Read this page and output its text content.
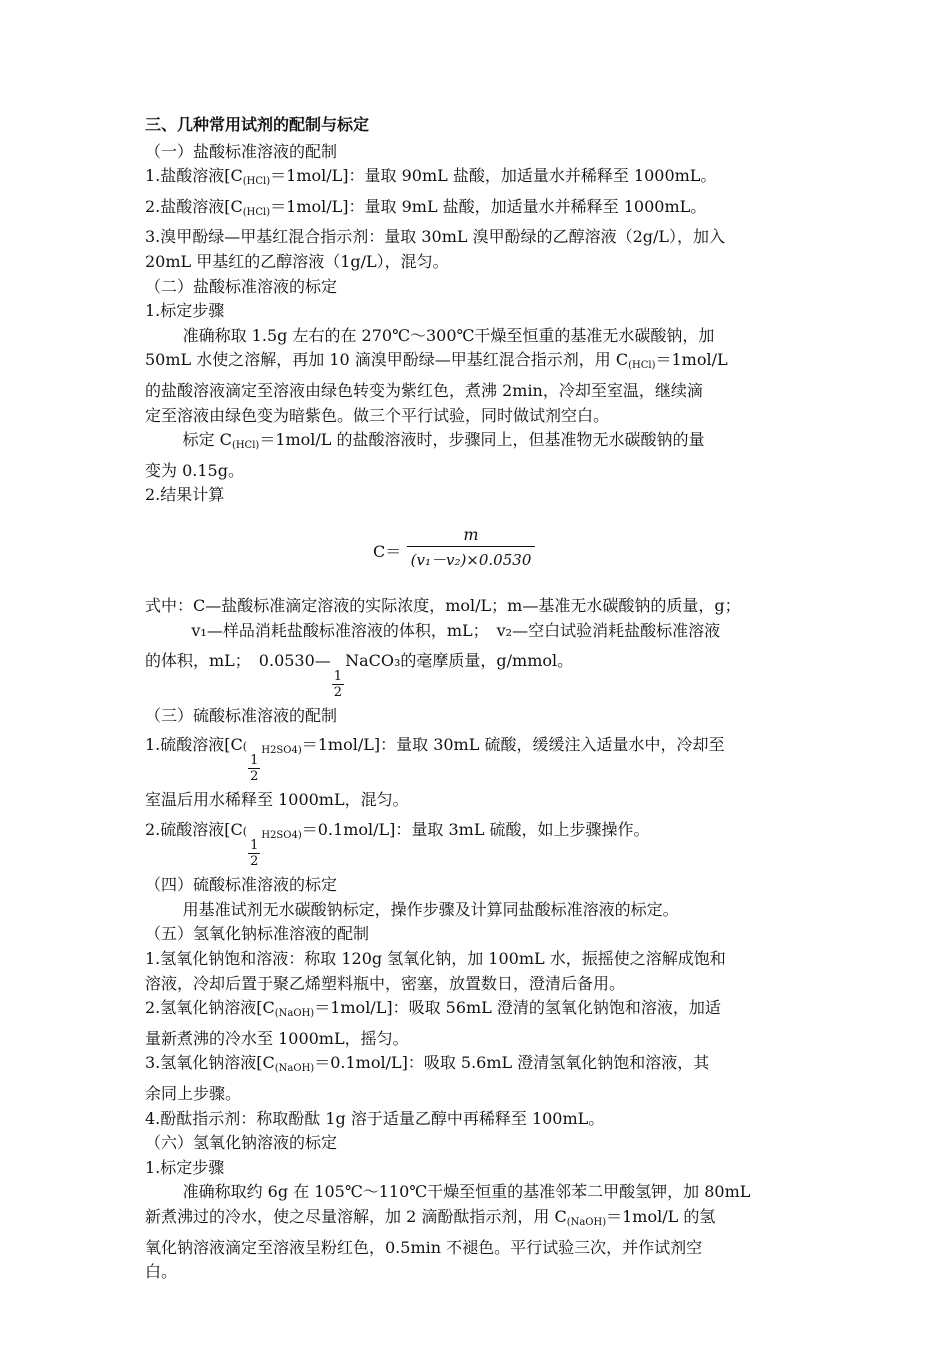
三、几种常用试剂的配制与标定
（一）盐酸标准溶液的配制
1.盐酸溶液$[C_{(HCl)}=1mol/L]$：量取 90mL 盐酸，加适量水并稀释至 1000mL。
2.盐酸溶液$[C_{(HCl)}=1mol/L]$：量取 9mL 盐酸，加适量水并稀释至 1000mL。
3.溴甲酚绿—甲基红混合指示剂：量取 30mL 溴甲酚绿的乙醇溶液（2g/L），加入
20mL 甲基红的乙醇溶液（1g/L），混匀。
（二）盐酸标准溶液的标定
1.标定步骤
准确称取 1.5g 左右的在 270℃～300℃干燥至恒重的基准无水碳酸钠，加
50mL 水使之溶解，再加 10 滴溴甲酚绿—甲基红混合指示剂，用 $C_{(HCl)}=1mol/L$
的盐酸溶液滴定至溶液由绿色转变为紫红色，煮沸 2min，冷却至室温，继续滴
定至溶液由绿色变为暗紫色。做三个平行试验，同时做试剂空白。
标定 $C_{(HCl)}=1mol/L$ 的盐酸溶液时，步骤同上，但基准物无水碳酸钠的量
变为 0.15g。
2.结果计算
$C= \frac{m}{\text{(v₁－v₂)×0.0530}}$
式中：C—盐酸标准滴定溶液的实际浓度，mol/L；m—基准无水碳酸钠的质量，g；
v₁—样品消耗盐酸标准溶液的体积，mL；　v₂—空白试验消耗盐酸标准溶液
的体积，mL；　0.0530—
$\frac{1}{2}$
NaCO₃的毫摩质量，g/mmol。
（三）硫酸标准溶液的配制
1.硫酸溶液[C(
$\frac{1}{2}$
$_{H2SO4)}$＝1mol/L]：量取 30mL 硫酸，缓缓注入适量水中，冷却至
室温后用水稀释至 1000mL，混匀。
2.硫酸溶液[C(
$\frac{1}{2}$
$_{H2SO4)}$＝0.1mol/L]：量取 3mL 硫酸，如上步骤操作。
（四）硫酸标准溶液的标定
用基准试剂无水碳酸钠标定，操作步骤及计算同盐酸标准溶液的标定。
（五）氢氧化钠标准溶液的配制
1.氢氧化钠饱和溶液：称取 120g 氢氧化钠，加 100mL 水，振摇使之溶解成饱和
溶液，冷却后置于聚乙烯塑料瓶中，密塞，放置数日，澄清后备用。
2.氢氧化钠溶液$[C_{(NaOH)}=1mol/L]$：吸取 56mL 澄清的氢氧化钠饱和溶液，加适
量新煮沸的冷水至 1000mL，摇匀。
3.氢氧化钠溶液$[C_{(NaOH)}=0.1mol/L]$：吸取 5.6mL 澄清氢氧化钠饱和溶液，其
余同上步骤。
4.酚酞指示剂：称取酚酞 1g 溶于适量乙醇中再稀释至 100mL。
（六）氢氧化钠溶液的标定
1.标定步骤
准确称取约 6g 在 105℃～110℃干燥至恒重的基准邻苯二甲酸氢钾，加 80mL
新煮沸过的冷水，使之尽量溶解，加 2 滴酚酞指示剂，用 $C_{(NaOH)}=1mol/L$ 的氢
氧化钠溶液滴定至溶液呈粉红色，0.5min 不褪色。平行试验三次，并作试剂空
白。
